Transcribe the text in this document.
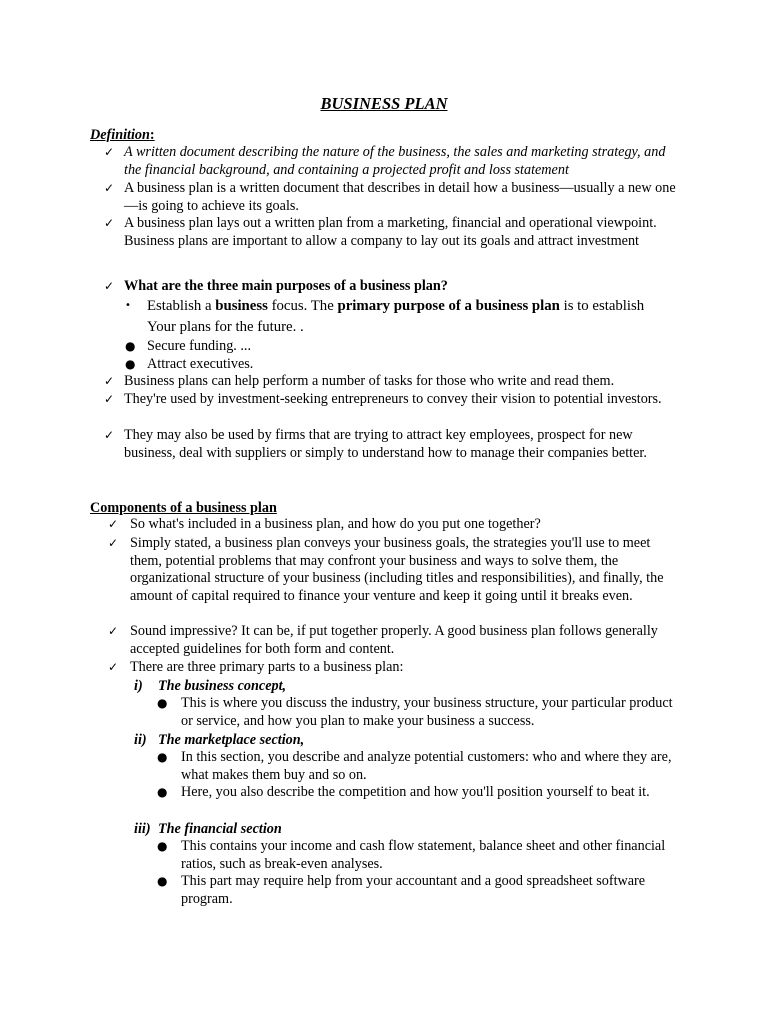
BUSINESS PLAN
Definition:
✓ A written document describing the nature of the business, the sales and marketing strategy, and the financial background, and containing a projected profit and loss statement
✓ A business plan is a written document that describes in detail how a business—usually a new one—is going to achieve its goals.
✓ A business plan lays out a written plan from a marketing, financial and operational viewpoint. Business plans are important to allow a company to lay out its goals and attract investment
✓ What are the three main purposes of a business plan?
• Establish a business focus. The primary purpose of a business plan is to establish
Your plans for the future. .
● Secure funding. ...
● Attract executives.
✓ Business plans can help perform a number of tasks for those who write and read them.
✓ They're used by investment-seeking entrepreneurs to convey their vision to potential investors.
✓ They may also be used by firms that are trying to attract key employees, prospect for new business, deal with suppliers or simply to understand how to manage their companies better.
Components of a business plan
✓ So what's included in a business plan, and how do you put one together?
✓ Simply stated, a business plan conveys your business goals, the strategies you'll use to meet them, potential problems that may confront your business and ways to solve them, the organizational structure of your business (including titles and responsibilities), and finally, the amount of capital required to finance your venture and keep it going until it breaks even.
✓ Sound impressive? It can be, if put together properly. A good business plan follows generally accepted guidelines for both form and content.
✓ There are three primary parts to a business plan:
i) The business concept,
● This is where you discuss the industry, your business structure, your particular product or service, and how you plan to make your business a success.
ii) The marketplace section,
● In this section, you describe and analyze potential customers: who and where they are, what makes them buy and so on.
● Here, you also describe the competition and how you'll position yourself to beat it.
iii) The financial section
● This contains your income and cash flow statement, balance sheet and other financial ratios, such as break-even analyses.
● This part may require help from your accountant and a good spreadsheet software program.
